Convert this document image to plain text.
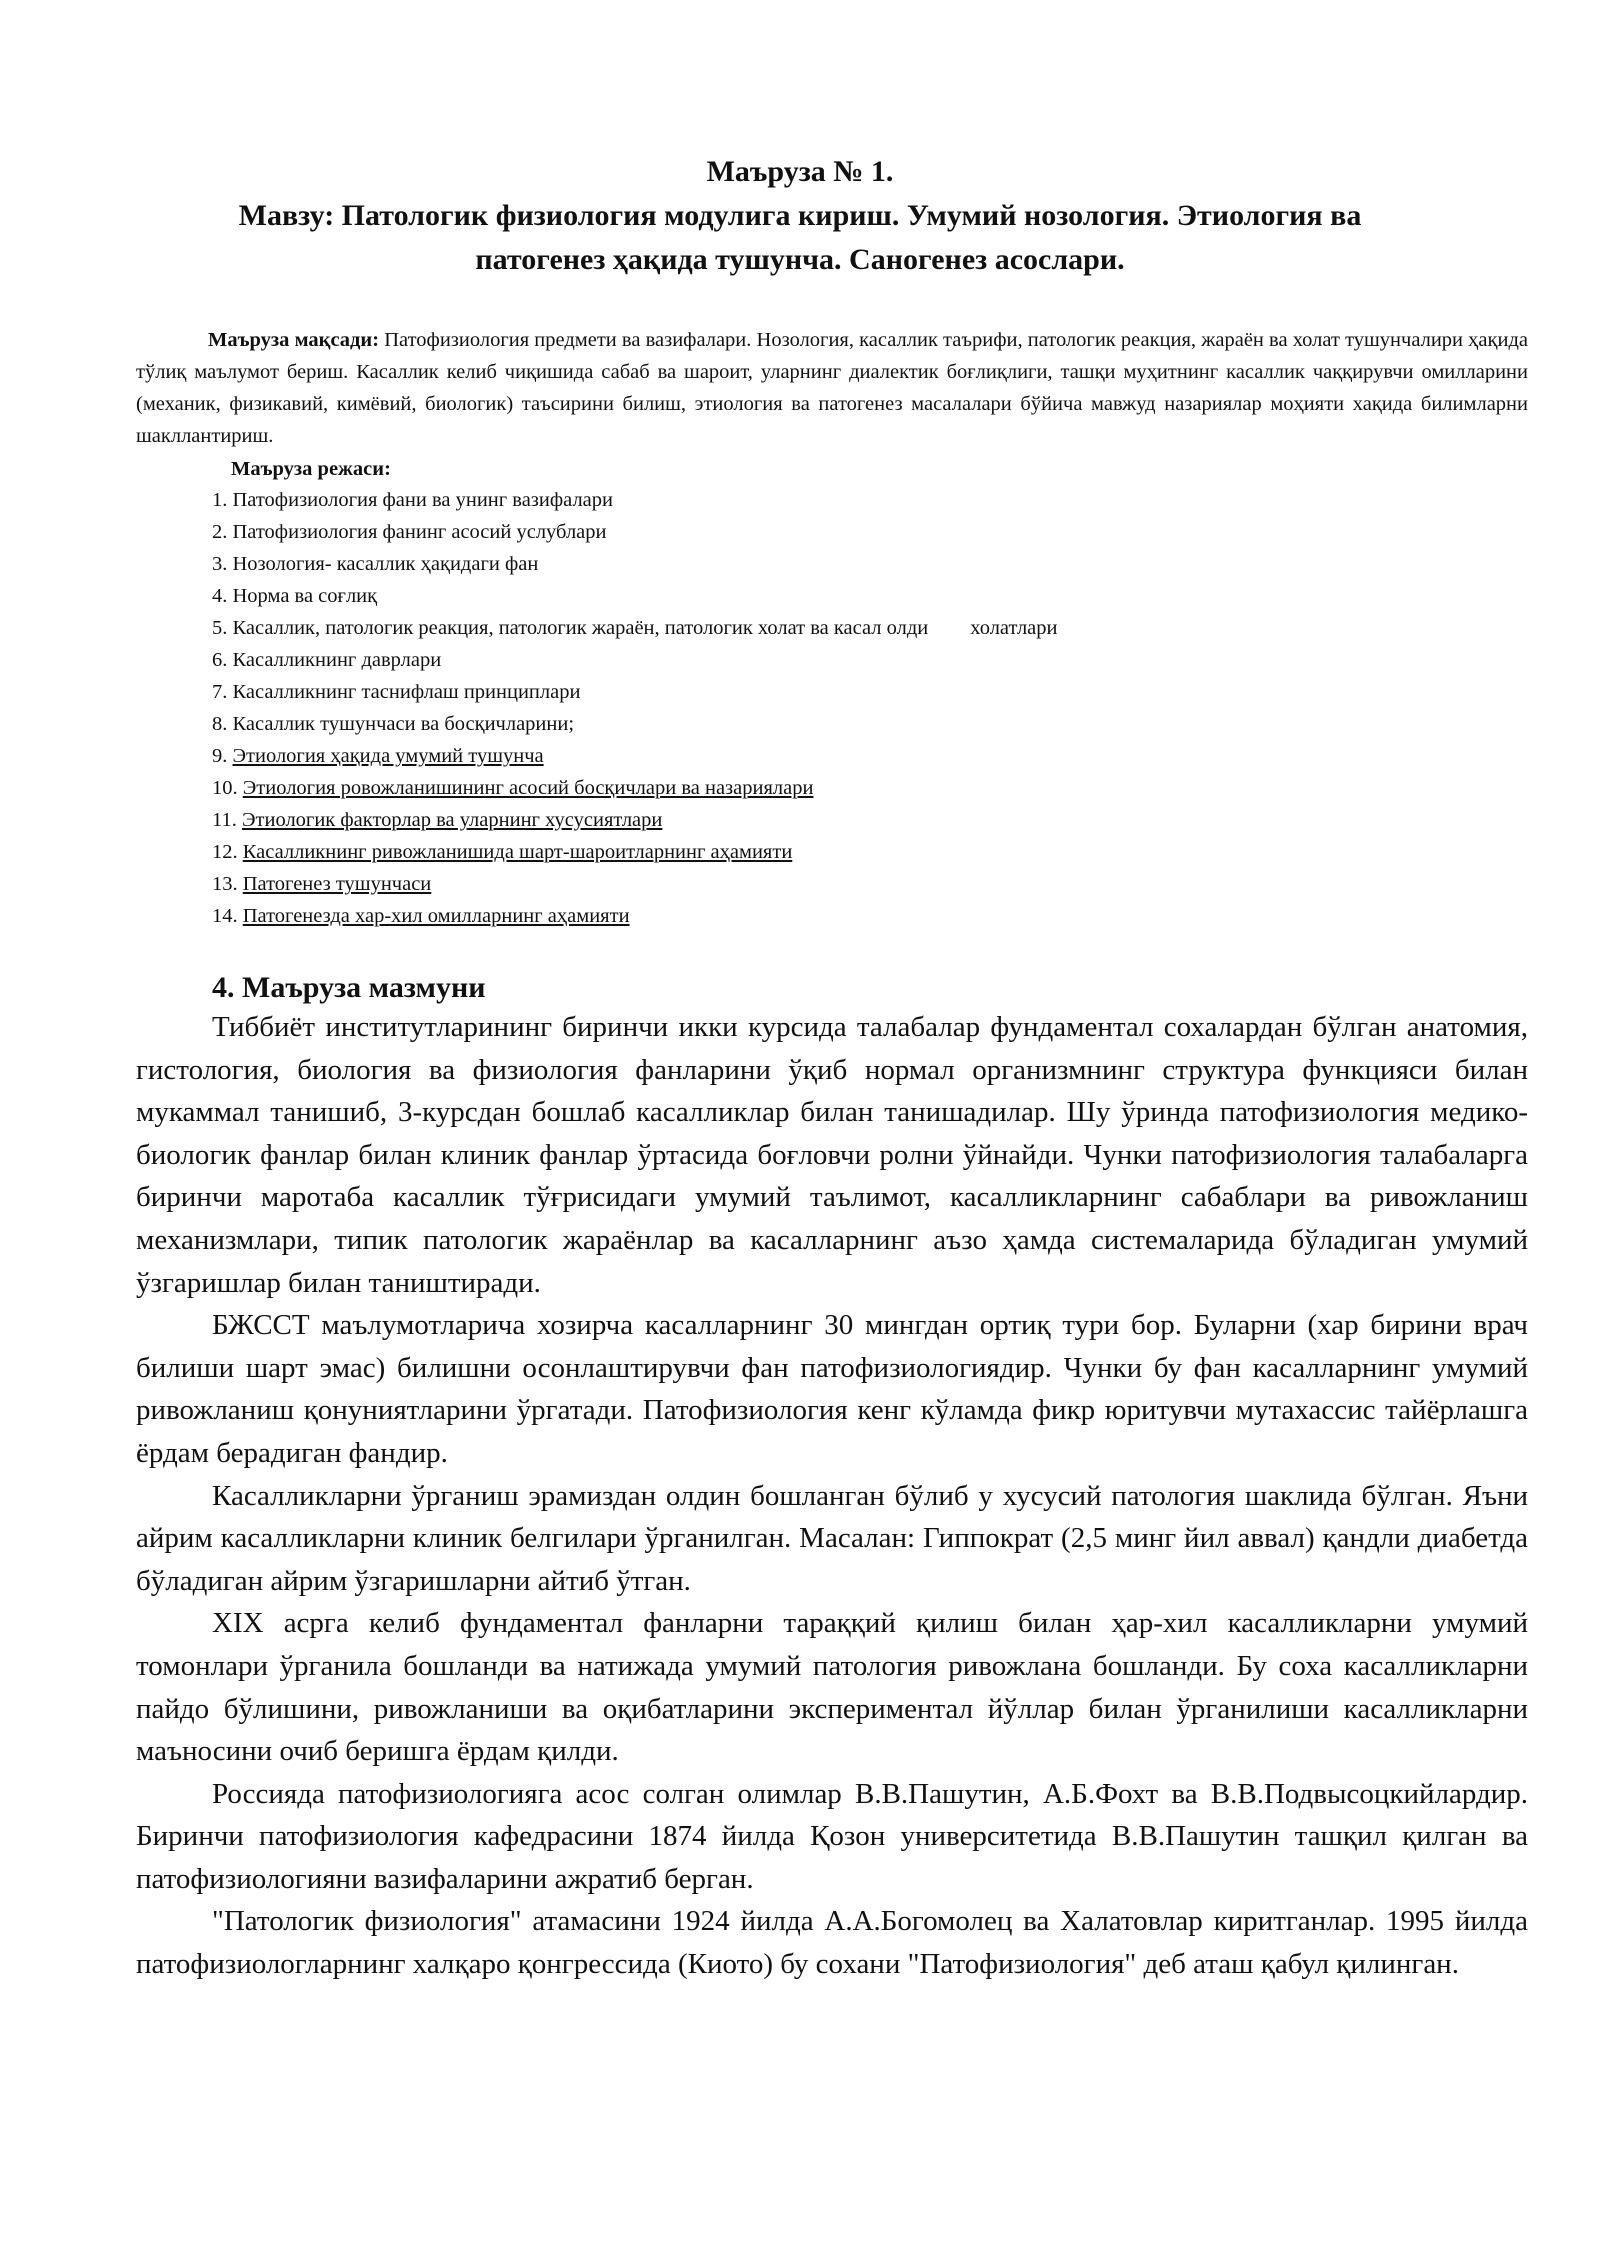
Маъруза № 1.
Мавзу: Патологик физиология модулига кириш. Умумий нозология. Этиология ва
патогенез ҳақида тушунча. Саногенез асослари.
Маъруза мақсади: Патофизиология предмети ва вазифалари. Нозология, касаллик таърифи, патологик реакция, жараён ва холат тушунчалири ҳақида тўлиқ маълумот бериш. Касаллик келиб чиқишида сабаб ва шароит, уларнинг диалектик боғлиқлиги, ташқи муҳитнинг касаллик чаққирувчи омилларини (механик, физикавий, кимёвий, биологик) таъсирини билиш, этиология ва патогенез масалалари бўйича мавжуд назариялар моҳияти хақида билимларни шакллантириш.
Маъруза режаси:
1. Патофизиология фани ва унинг вазифалари
2. Патофизиология фанинг асосий услублари
3. Нозология- касаллик ҳақидаги фан
4. Норма ва соғлиқ
5. Касаллик, патологик реакция, патологик жараён, патологик холат ва касал олди холатлари
6. Касалликнинг даврлари
7. Касалликнинг таснифлаш принциплари
8. Касаллик тушунчаси ва босқичларини;
9. Этиология ҳақида умумий тушунча
10. Этиология ровожланишининг асосий босқичлари ва назариялари
11. Этиологик факторлар ва уларнинг хусусиятлари
12. Касалликнинг ривожланишида шарт-шароитларнинг аҳамияти
13. Патогенез тушунчаси
14. Патогенезда хар-хил омилларнинг аҳамияти
4. Маъруза мазмуни

Тиббиёт институтларининг биринчи икки курсида талабалар фундаментал сохалардан бўлган анатомия, гистология, биология ва физиология фанларини ўқиб нормал организмнинг структура функцияси билан мукаммал танишиб, 3-курсдан бошлаб касалликлар билан танишадилар. Шу ўринда патофизиология медико-биологик фанлар билан клиник фанлар ўртасида боғловчи ролни ўйнайди. Чунки патофизиология талабаларга биринчи маротаба касаллик тўғрисидаги умумий таълимот, касалликларнинг сабаблари ва ривожланиш механизмлари, типик патологик жараёнлар ва касалларнинг аъзо ҳамда системаларида бўладиган умумий ўзгаришлар билан таништиради.

БЖССТ маълумотларича хозирча касалларнинг 30 мингдан ортиқ тури бор. Буларни (хар бирини врач билиши шарт эмас) билишни осонлаштирувчи фан патофизиологиядир. Чунки бу фан касалларнинг умумий ривожланиш қонуниятларини ўргатади. Патофизиология кенг кўламда фикр юритувчи мутахассис тайёрлашга ёрдам берадиган фандир.

Касалликларни ўрганиш эрамиздан олдин бошланган бўлиб у хусусий патология шаклида бўлган. Яъни айрим касалликларни клиник белгилари ўрганилган. Масалан: Гиппократ (2,5 минг йил аввал) қандли диабетда бўладиган айрим ўзгаришларни айтиб ўтган.

XIX асрга келиб фундаментал фанларни тараққий қилиш билан ҳар-хил касалликларни умумий томонлари ўрганила бошланди ва натижада умумий патология ривожлана бошланди. Бу соха касалликларни пайдо бўлишини, ривожланиши ва оқибатларини экспериментал йўллар билан ўрганилиши касалликларни маъносини очиб беришга ёрдам қилди.

Россияда патофизиологияга асос солган олимлар В.В.Пашутин, А.Б.Фохт ва В.В.Подвысоцкийлардир. Биринчи патофизиология кафедрасини 1874 йилда Қозон университетида В.В.Пашутин ташқил қилган ва патофизиологияни вазифаларини ажратиб берган.

"Патологик физиология" атамасини 1924 йилда А.А.Богомолец ва Халатовлар киритганлар. 1995 йилда патофизиологларнинг халқаро қонгрессида (Киото) бу сохани "Патофизиология" деб аташ қабул қилинган.
